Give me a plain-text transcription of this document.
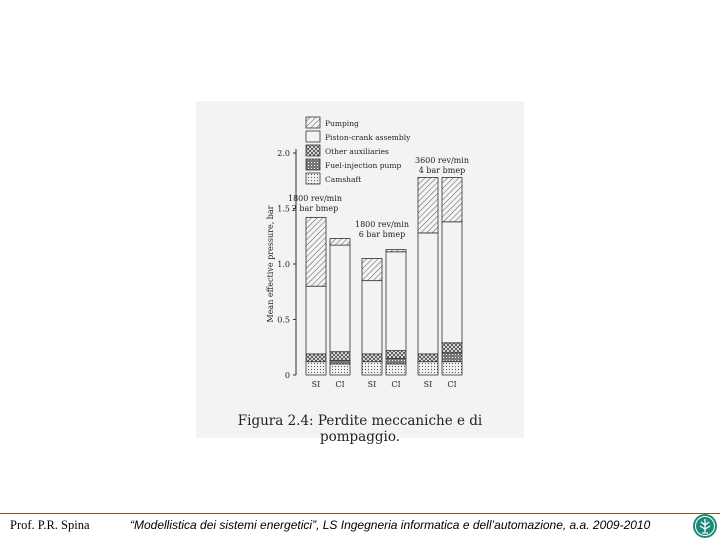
0
0.5
1.0
1.5
2.0
Mean effective pressure, bar
Pumping
Piston-crank assembly
Other auxiliaries
Fuel-injection pump
Camshaft
SI CI	SI CI	SI CI
1800 rev/min
2 bar bmep
1800 rev/min
6 bar bmep
3600 rev/min
4 bar bmep
Figura 2.4: Perdite meccaniche e di pompaggio.
Prof. P.R. Spina	“Modellistica dei sistemi energetici”, LS Ingegneria informatica e dell’automazione, a.a. 2009-2010
